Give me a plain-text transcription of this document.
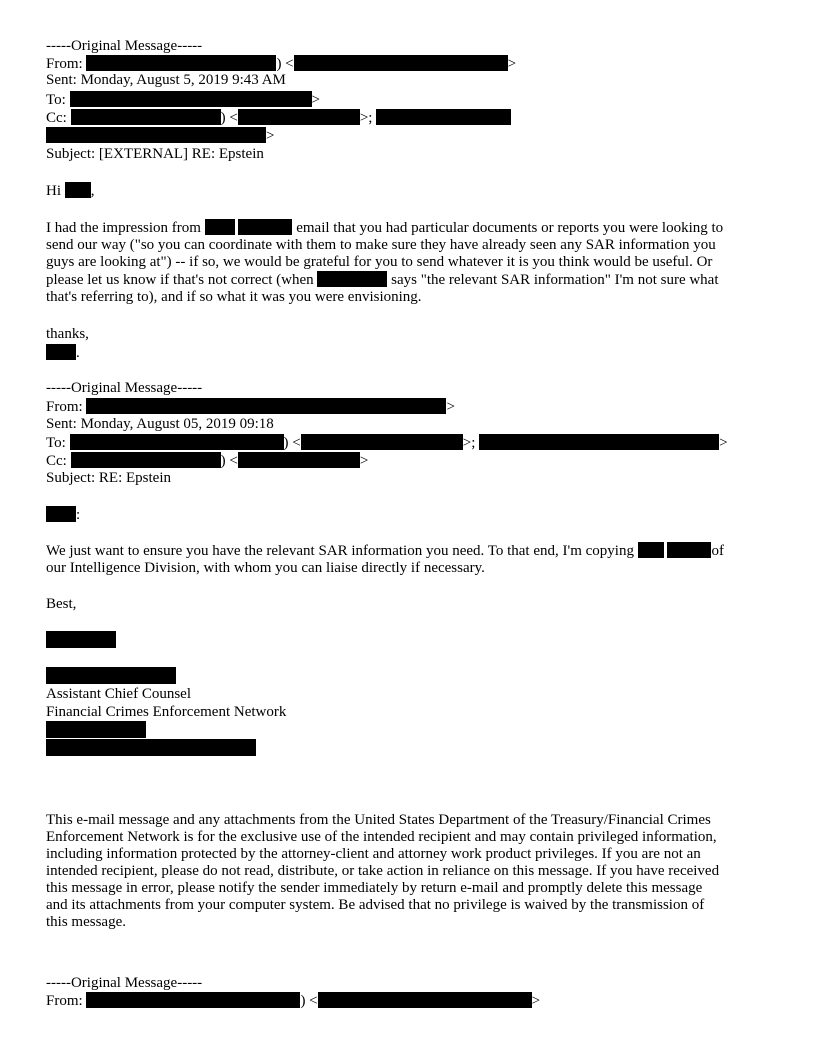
-----Original Message-----
From:	) <	>
Sent: Monday, August 5, 2019 9:43 AM
To:	>
Cc:	) <	>;
>
Subject: [EXTERNAL] RE: Epstein
Hi ,
I had the impression from	email that you had particular documents or reports you were looking to
send our way ("so you can coordinate with them to make sure they have already seen any SAR information you
guys are looking at") -- if so, we would be grateful for you to send whatever it is you think would be useful. Or
please let us know if that's not correct (when	says "the relevant SAR information" I'm not sure what
that's referring to), and if so what it was you were envisioning.
thanks,
.
-----Original Message-----
From:	>
Sent: Monday, August 05, 2019 09:18
To:	) <	>;	>
Cc:	) <	>
Subject: RE: Epstein
:
We just want to ensure you have the relevant SAR information you need. To that end, I'm copying	of
our Intelligence Division, with whom you can liaise directly if necessary.
Best,
Assistant Chief Counsel
Financial Crimes Enforcement Network
This e-mail message and any attachments from the United States Department of the Treasury/Financial Crimes
Enforcement Network is for the exclusive use of the intended recipient and may contain privileged information,
including information protected by the attorney-client and attorney work product privileges. If you are not an
intended recipient, please do not read, distribute, or take action in reliance on this message. If you have received
this message in error, please notify the sender immediately by return e-mail and promptly delete this message
and its attachments from your computer system. Be advised that no privilege is waived by the transmission of
this message.
-----Original Message-----
From:	) <	>
